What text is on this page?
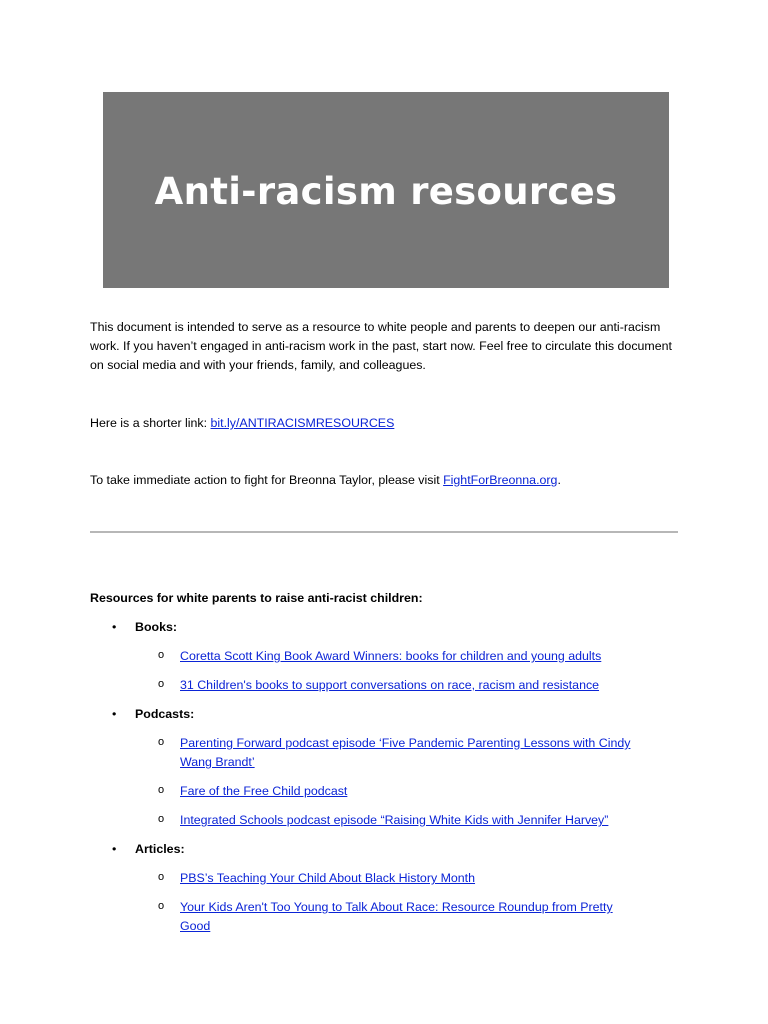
Anti-racism resources

This document is intended to serve as a resource to white people and parents to deepen our anti-racism work. If you haven’t engaged in anti-racism work in the past, start now. Feel free to circulate this document on social media and with your friends, family, and colleagues.

Here is a shorter link: bit.ly/ANTIRACISMRESOURCES

To take immediate action to fight for Breonna Taylor, please visit FightForBreonna.org.

Resources for white parents to raise anti-racist children:

• Books:
o Coretta Scott King Book Award Winners: books for children and young adults
o 31 Children's books to support conversations on race, racism and resistance
• Podcasts:
o Parenting Forward podcast episode ‘Five Pandemic Parenting Lessons with Cindy Wang Brandt’
o Fare of the Free Child podcast
o Integrated Schools podcast episode “Raising White Kids with Jennifer Harvey”
• Articles:
o PBS’s Teaching Your Child About Black History Month
o Your Kids Aren't Too Young to Talk About Race: Resource Roundup from Pretty Good
